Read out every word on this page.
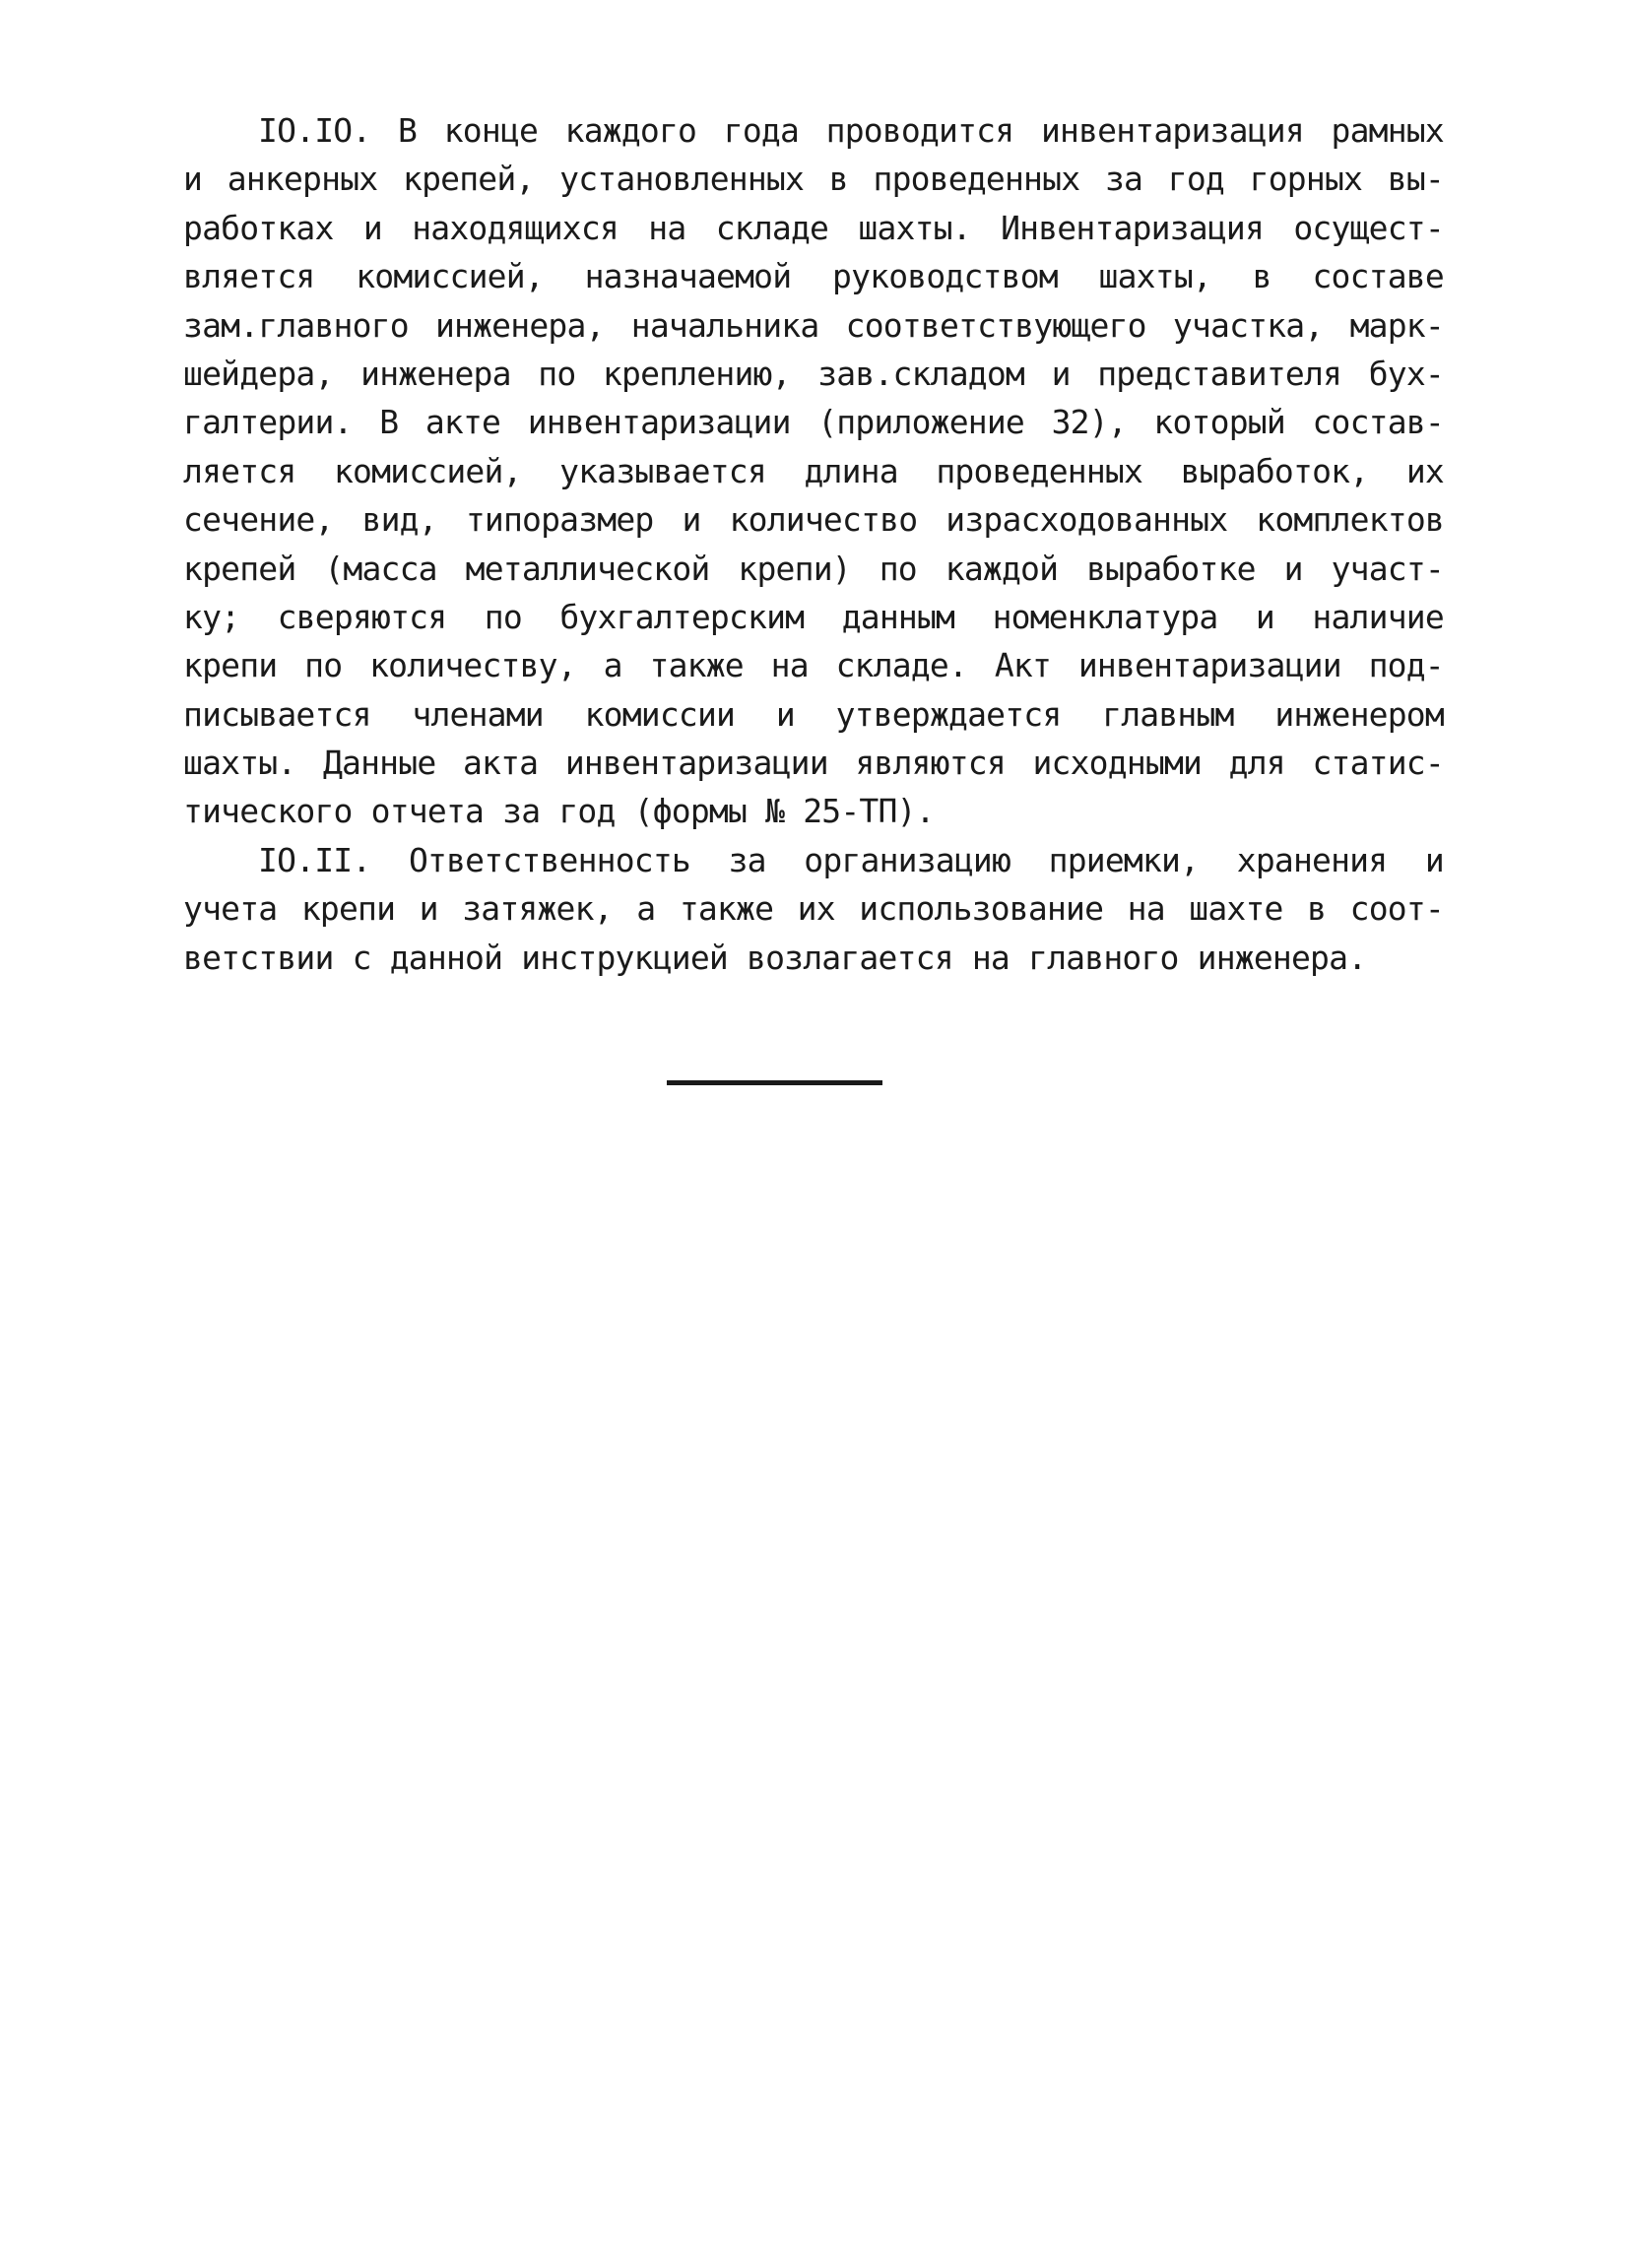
IO.IO. В конце каждого года проводится инвентаризация рамных
и анкерных крепей, установленных в проведенных за год горных вы-
работках и находящихся на складе шахты. Инвентаризация осущест-
вляется комиссией, назначаемой руководством шахты, в составе
зам.главного инженера, начальника соответствующего участка, марк-
шейдера, инженера по креплению, зав.складом и представителя бух-
галтерии. В акте инвентаризации (приложение 32), который состав-
ляется комиссией, указывается длина проведенных выработок, их
сечение, вид, типоразмер и количество израсходованных комплектов
крепей (масса металлической крепи) по каждой выработке и участ-
ку; сверяются по бухгалтерским данным номенклатура и наличие
крепи по количеству, а также на складе. Акт инвентаризации под-
писывается членами комиссии и утверждается главным инженером
шахты. Данные акта инвентаризации являются исходными для статис-
тического отчета за год (формы № 25-ТП).
IO.II. Ответственность за организацию приемки, хранения и
учета крепи и затяжек, а также их использование на шахте в соот-
ветствии с данной инструкцией возлагается на главного инженера.
